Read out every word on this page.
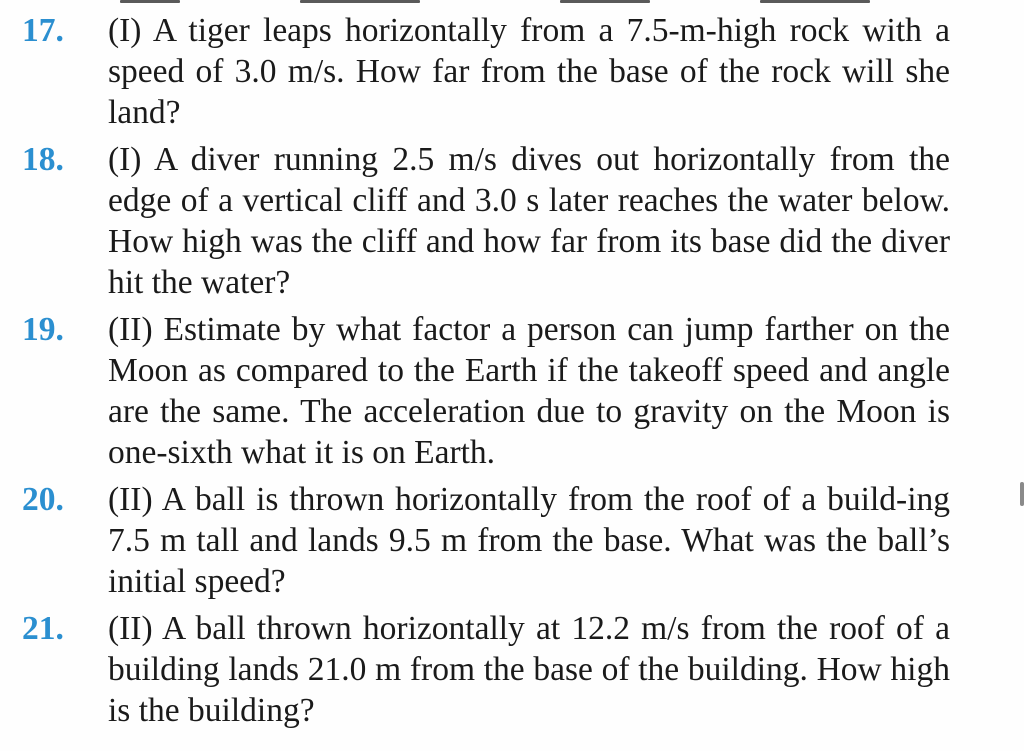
17.	(I) A tiger leaps horizontally from a 7.5-m-high rock with a speed of 3.0 m/s. How far from the base of the rock will she land?
18.	(I) A diver running 2.5 m/s dives out horizontally from the edge of a vertical cliff and 3.0 s later reaches the water below. How high was the cliff and how far from its base did the diver hit the water?
19.	(II) Estimate by what factor a person can jump farther on the Moon as compared to the Earth if the takeoff speed and angle are the same. The acceleration due to gravity on the Moon is one-sixth what it is on Earth.
20.	(II) A ball is thrown horizontally from the roof of a build-ing 7.5 m tall and lands 9.5 m from the base. What was the ball’s initial speed?
21.	(II) A ball thrown horizontally at 12.2 m/s from the roof of a building lands 21.0 m from the base of the building. How high is the building?
